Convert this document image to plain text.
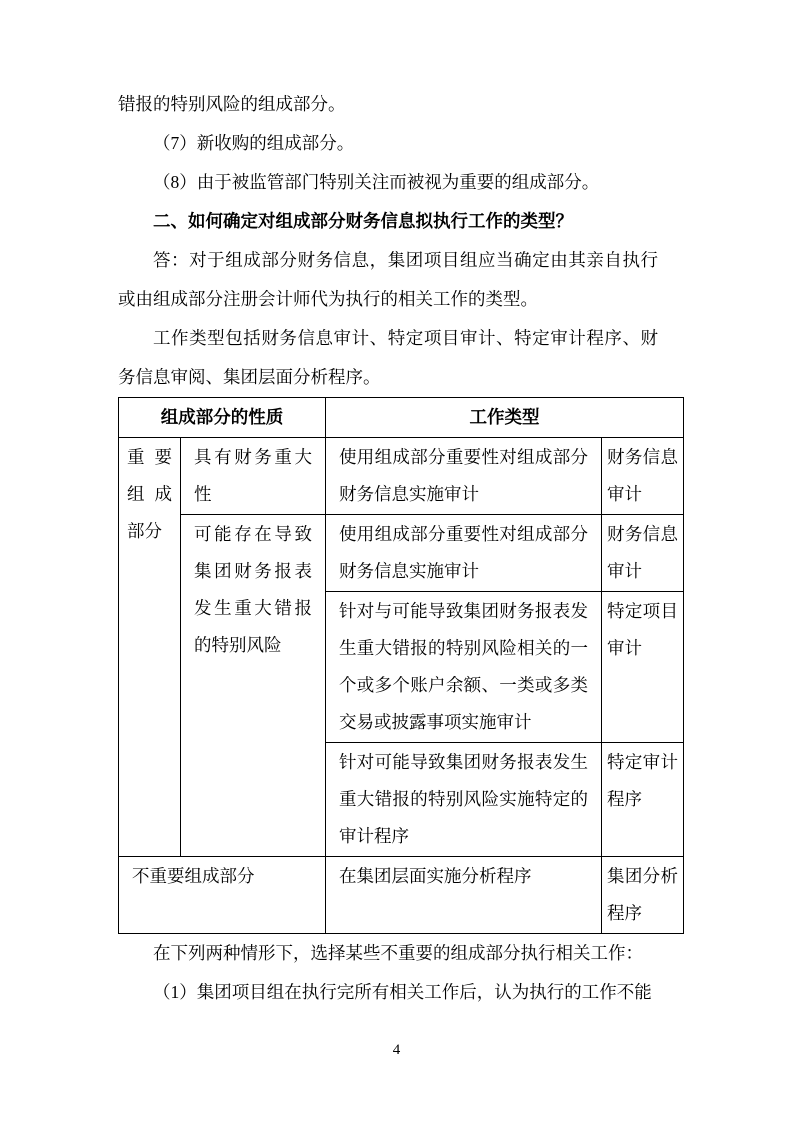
错报的特别风险的组成部分。

（7）新收购的组成部分。

（8）由于被监管部门特别关注而被视为重要的组成部分。

二、如何确定对组成部分财务信息拟执行工作的类型？

答：对于组成部分财务信息，集团项目组应当确定由其亲自执行或由组成部分注册会计师代为执行的相关工作的类型。

工作类型包括财务信息审计、特定项目审计、特定审计程序、财务信息审阅、集团层面分析程序。

组成部分的性质		工作类型	
重要组成部分	具有财务重大性	使用组成部分重要性对组成部分财务信息实施审计	财务信息审计
	可能存在导致集团财务报表发生重大错报的特别风险	使用组成部分重要性对组成部分财务信息实施审计	财务信息审计
		针对与可能导致集团财务报表发生重大错报的特别风险相关的一个或多个账户余额、一类或多类交易或披露事项实施审计	特定项目审计
		针对可能导致集团财务报表发生重大错报的特别风险实施特定的审计程序	特定审计程序
不重要组成部分		在集团层面实施分析程序	集团分析程序

在下列两种情形下，选择某些不重要的组成部分执行相关工作：

（1）集团项目组在执行完所有相关工作后，认为执行的工作不能

4
